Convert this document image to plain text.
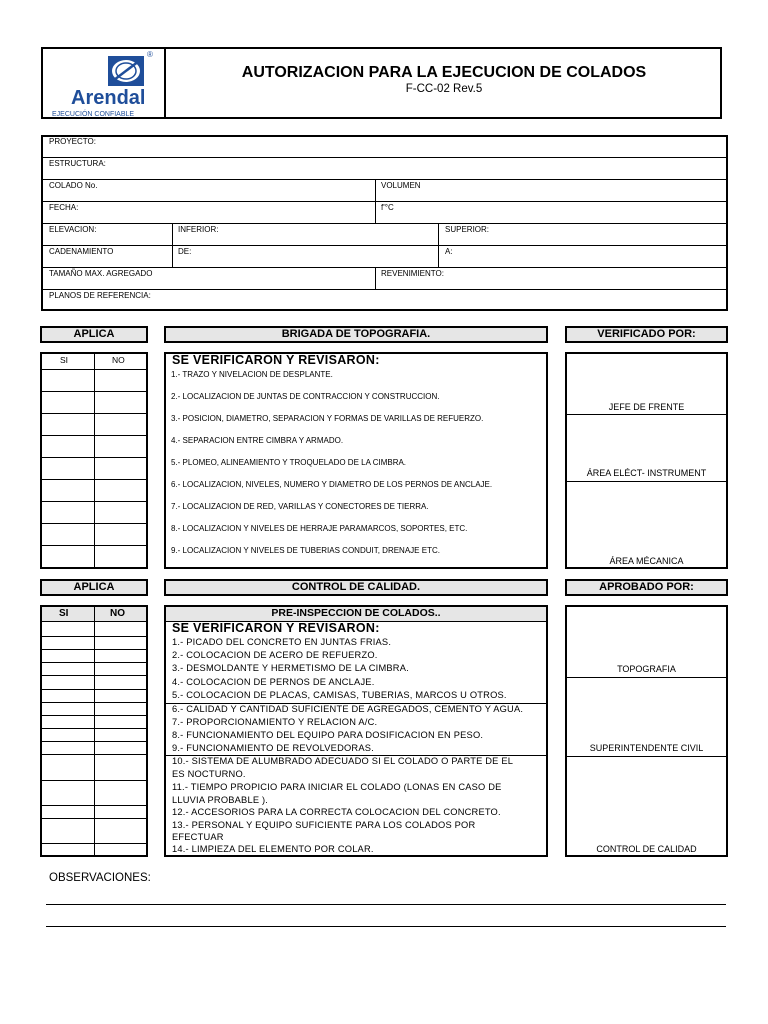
®
Arendal
EJECUCIÓN CONFIABLE
AUTORIZACION PARA LA EJECUCION DE COLADOS
F-CC-02 Rev.5
PROYECTO:
ESTRUCTURA:
COLADO No.	VOLUMEN
FECHA:	f'°C
ELEVACION:	INFERIOR:	SUPERIOR:
CADENAMIENTO	DE:	A:
TAMAÑO MAX. AGREGADO	REVENIMIENTO:
PLANOS DE REFERENCIA:
APLICA	BRIGADA DE TOPOGRAFIA.	VERIFICADO POR:
SI	NO	SE VERIFICARON Y REVISARON:
1.- TRAZO Y NIVELACION DE DESPLANTE.
2.- LOCALIZACION DE JUNTAS DE CONTRACCION Y CONSTRUCCION.
3.- POSICION, DIAMETRO, SEPARACION Y FORMAS DE VARILLAS DE REFUERZO.
4.- SEPARACION ENTRE CIMBRA Y ARMADO.
5.- PLOMEO, ALINEAMIENTO Y TROQUELADO DE LA CIMBRA.
6.- LOCALIZACION, NIVELES, NUMERO Y DIAMETRO DE LOS PERNOS DE ANCLAJE.
7.- LOCALIZACION DE RED, VARILLAS Y CONECTORES DE TIERRA.
8.- LOCALIZACION Y NIVELES DE HERRAJE PARAMARCOS, SOPORTES, ETC.
9.- LOCALIZACION Y NIVELES DE TUBERIAS CONDUIT, DRENAJE ETC.
JEFE DE FRENTE
ÁREA ELÉCT- INSTRUMENT
ÁREA MÉCANICA
APLICA	CONTROL DE CALIDAD.	APROBADO POR:
SI	NO	PRE-INSPECCION DE COLADOS..
SE VERIFICARON Y REVISARON:
1.- PICADO DEL CONCRETO EN JUNTAS FRIAS.
2.- COLOCACION DE ACERO DE REFUERZO.
3.- DESMOLDANTE Y HERMETISMO DE LA CIMBRA.
4.- COLOCACION DE PERNOS DE ANCLAJE.
5.- COLOCACION DE PLACAS, CAMISAS, TUBERIAS, MARCOS U OTROS.
6.- CALIDAD Y CANTIDAD SUFICIENTE DE AGREGADOS, CEMENTO Y AGUA.
7.- PROPORCIONAMIENTO Y RELACION A/C.
8.- FUNCIONAMIENTO DEL EQUIPO PARA DOSIFICACION EN PESO.
9.- FUNCIONAMIENTO DE REVOLVEDORAS.
10.- SISTEMA DE ALUMBRADO ADECUADO SI EL COLADO O PARTE DE EL
ES NOCTURNO.
11.- TIEMPO PROPICIO PARA INICIAR EL COLADO (LONAS EN CASO DE
LLUVIA PROBABLE ).
12.- ACCESORIOS PARA LA CORRECTA COLOCACION DEL CONCRETO.
13.- PERSONAL Y EQUIPO SUFICIENTE PARA LOS COLADOS POR
EFECTUAR
14.- LIMPIEZA DEL ELEMENTO POR COLAR.
TOPOGRAFIA
SUPERINTENDENTE CIVIL
CONTROL DE CALIDAD
OBSERVACIONES:
